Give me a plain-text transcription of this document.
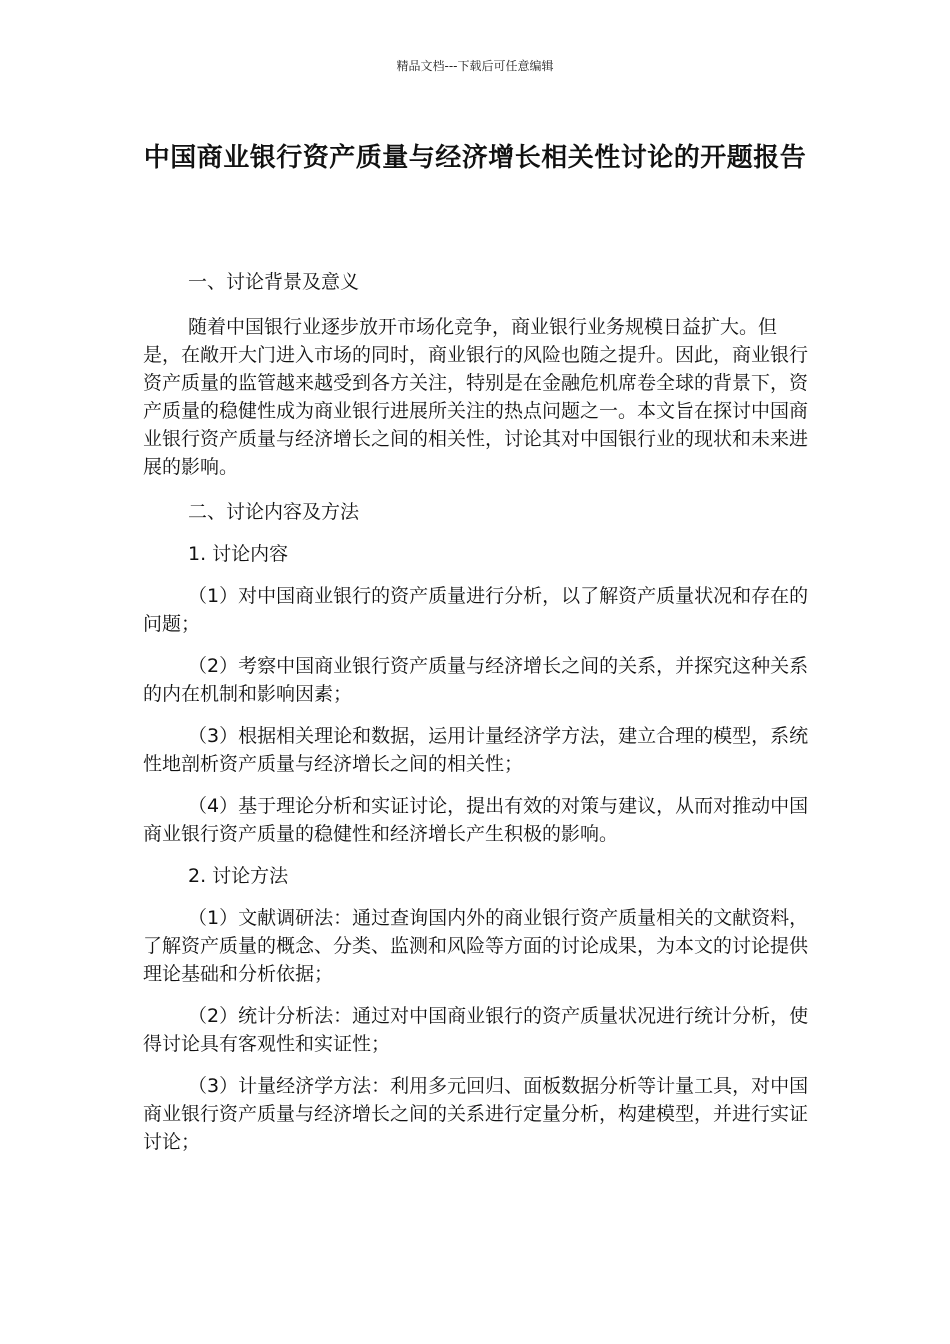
精品文档---下载后可任意编辑
中国商业银行资产质量与经济增长相关性讨论的开题报告

一、讨论背景及意义

随着中国银行业逐步放开市场化竞争，商业银行业务规模日益扩大。但是，在敞开大门进入市场的同时，商业银行的风险也随之提升。因此，商业银行资产质量的监管越来越受到各方关注，特别是在金融危机席卷全球的背景下，资产质量的稳健性成为商业银行进展所关注的热点问题之一。本文旨在探讨中国商业银行资产质量与经济增长之间的相关性，讨论其对中国银行业的现状和未来进展的影响。

二、讨论内容及方法

1. 讨论内容

（1）对中国商业银行的资产质量进行分析，以了解资产质量状况和存在的问题；

（2）考察中国商业银行资产质量与经济增长之间的关系，并探究这种关系的内在机制和影响因素；

（3）根据相关理论和数据，运用计量经济学方法，建立合理的模型，系统性地剖析资产质量与经济增长之间的相关性；

（4）基于理论分析和实证讨论，提出有效的对策与建议，从而对推动中国商业银行资产质量的稳健性和经济增长产生积极的影响。

2. 讨论方法

（1）文献调研法：通过查询国内外的商业银行资产质量相关的文献资料，了解资产质量的概念、分类、监测和风险等方面的讨论成果，为本文的讨论提供理论基础和分析依据；

（2）统计分析法：通过对中国商业银行的资产质量状况进行统计分析，使得讨论具有客观性和实证性；

（3）计量经济学方法：利用多元回归、面板数据分析等计量工具，对中国商业银行资产质量与经济增长之间的关系进行定量分析，构建模型，并进行实证讨论；
